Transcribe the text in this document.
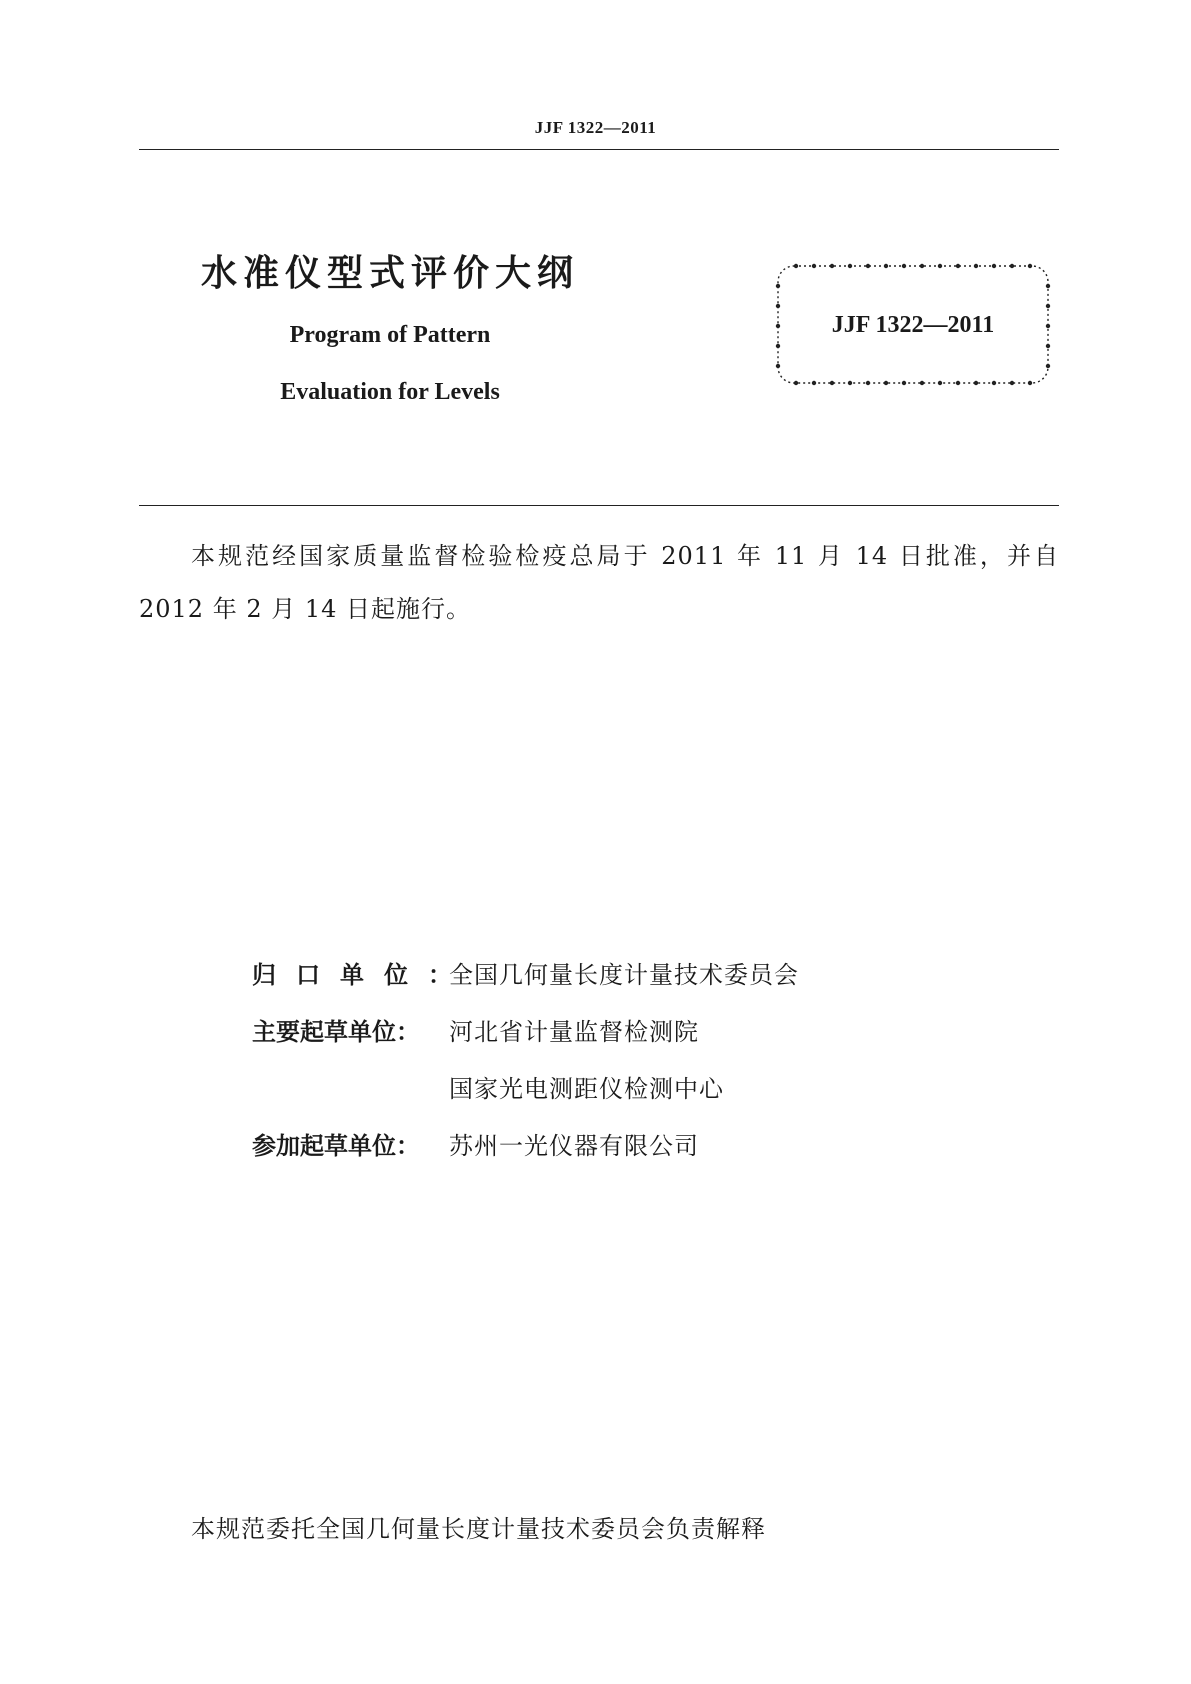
JJF 1322—2011
水准仪型式评价大纲
Program of Pattern
Evaluation for Levels
JJF 1322—2011
本规范经国家质量监督检验检疫总局于 2011 年 11 月 14 日批准，并自 2012 年 2 月 14 日起施行。
归口单位：
全国几何量长度计量技术委员会
主要起草单位：	河北省计量监督检测院
国家光电测距仪检测中心
参加起草单位：	苏州一光仪器有限公司
本规范委托全国几何量长度计量技术委员会负责解释
